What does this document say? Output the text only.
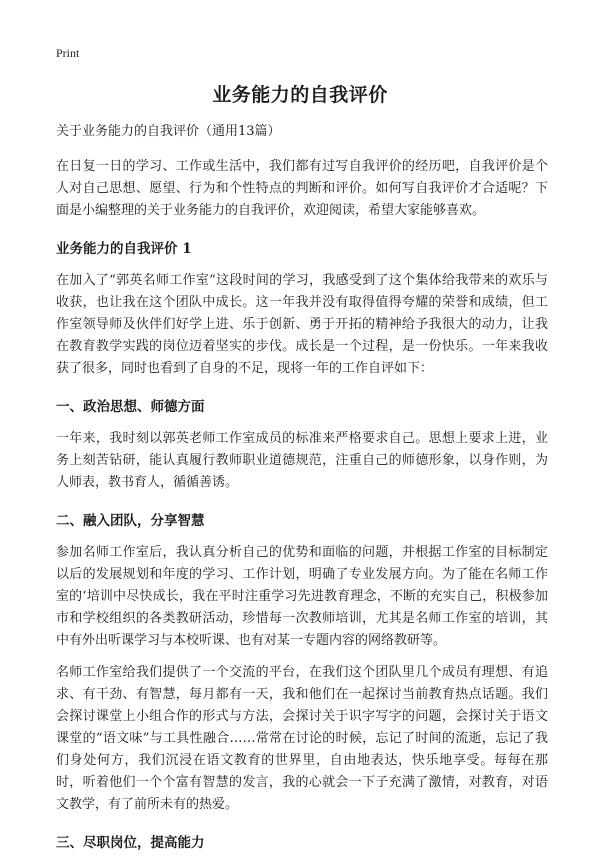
Print
业务能力的自我评价

关于业务能力的自我评价（通用13篇）

在日复一日的学习、工作或生活中，我们都有过写自我评价的经历吧，自我评价是个人对自己思想、愿望、行为和个性特点的判断和评价。如何写自我评价才合适呢？下面是小编整理的关于业务能力的自我评价，欢迎阅读，希望大家能够喜欢。

业务能力的自我评价 1

在加入了“郭英名师工作室”这段时间的学习，我感受到了这个集体给我带来的欢乐与收获，也让我在这个团队中成长。这一年我并没有取得值得夸耀的荣誉和成绩，但工作室领导师及伙伴们好学上进、乐于创新、勇于开拓的精神给予我很大的动力，让我在教育教学实践的岗位迈着坚实的步伐。成长是一个过程，是一份快乐。一年来我收获了很多，同时也看到了自身的不足，现将一年的工作自评如下：

一、政治思想、师德方面

一年来，我时刻以郭英老师工作室成员的标准来严格要求自己。思想上要求上进，业务上刻苦钻研，能认真履行教师职业道德规范，注重自己的师德形象，以身作则，为人师表，教书育人，循循善诱。

二、融入团队，分享智慧

参加名师工作室后，我认真分析自己的优势和面临的问题，并根据工作室的目标制定以后的发展规划和年度的学习、工作计划，明确了专业发展方向。为了能在名师工作室的‘培训中尽快成长，我在平时注重学习先进教育理念，不断的充实自己，积极参加市和学校组织的各类教研活动，珍惜每一次教师培训，尤其是名师工作室的培训，其中有外出听课学习与本校听课、也有对某一专题内容的网络教研等。

名师工作室给我们提供了一个交流的平台，在我们这个团队里几个成员有理想、有追求、有干劲、有智慧，每月都有一天，我和他们在一起探讨当前教育热点话题。我们会探讨课堂上小组合作的形式与方法，会探讨关于识字写字的问题，会探讨关于语文课堂的“语文味”与工具性融合……常常在讨论的时候，忘记了时间的流逝，忘记了我们身处何方，我们沉浸在语文教育的世界里，自由地表达，快乐地享受。每每在那时，听着他们一个个富有智慧的发言，我的心就会一下子充满了激情，对教育，对语文教学，有了前所未有的热爱。

三、尽职岗位，提高能力
